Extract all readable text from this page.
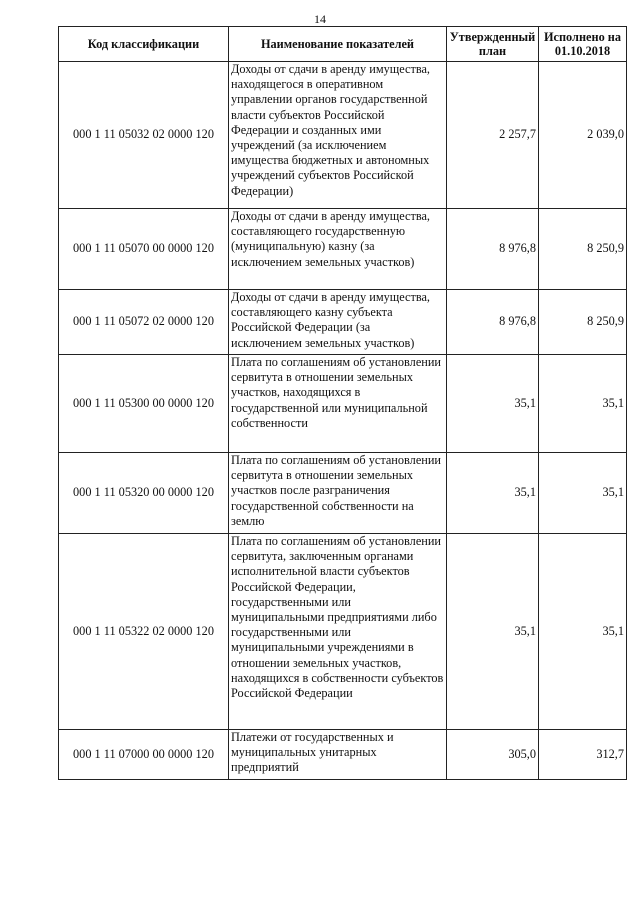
14
Код классификации	Наименование показателей	Утвержденный план	Исполнено на 01.10.2018
000 1 11 05032 02 0000 120	Доходы от сдачи в аренду имущества, находящегося в оперативном управлении органов государственной власти субъектов Российской Федерации и созданных ими учреждений (за исключением имущества бюджетных и автономных учреждений субъектов Российской Федерации)	2 257,7	2 039,0
000 1 11 05070 00 0000 120	Доходы от сдачи в аренду имущества, составляющего государственную (муниципальную) казну (за исключением земельных участков)	8 976,8	8 250,9
000 1 11 05072 02 0000 120	Доходы от сдачи в аренду имущества, составляющего казну субъекта Российской Федерации (за исключением земельных участков)	8 976,8	8 250,9
000 1 11 05300 00 0000 120	Плата по соглашениям об установлении сервитута в отношении земельных участков, находящихся в государственной или муниципальной собственности	35,1	35,1
000 1 11 05320 00 0000 120	Плата по соглашениям об установлении сервитута в отношении земельных участков после разграничения государственной собственности на землю	35,1	35,1
000 1 11 05322 02 0000 120	Плата по соглашениям об установлении сервитута, заключенным органами исполнительной власти субъектов Российской Федерации, государственными или муниципальными предприятиями либо государственными или муниципальными учреждениями в отношении земельных участков, находящихся в собственности субъектов Российской Федерации	35,1	35,1
000 1 11 07000 00 0000 120	Платежи от государственных и муниципальных унитарных предприятий	305,0	312,7
